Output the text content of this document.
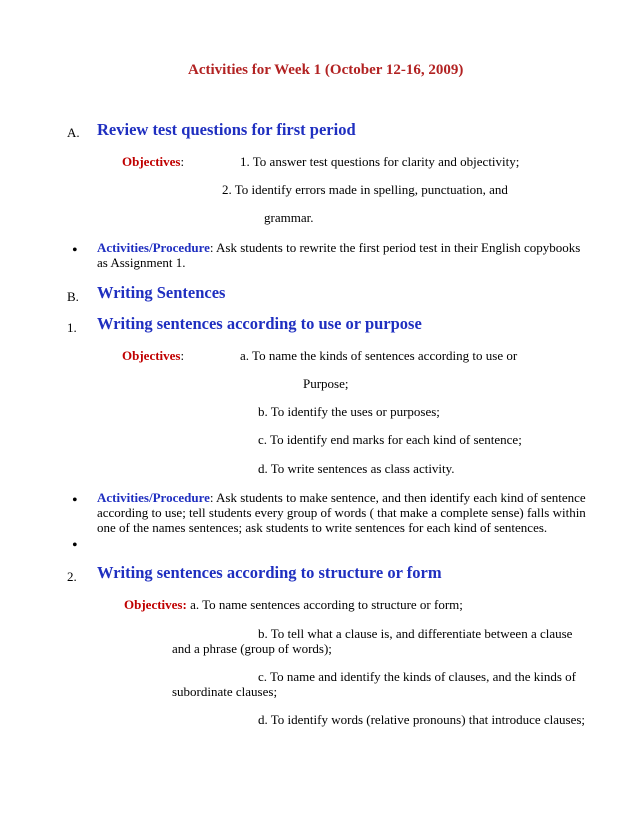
Activities for Week 1 (October 12-16, 2009)
A. Review test questions for first period
Objectives:	1. To answer test questions for clarity and objectivity;
2. To identify errors made in spelling, punctuation, and
grammar.
• Activities/Procedure: Ask students to rewrite the first period test in their English copybooks as Assignment 1.
B. Writing Sentences
1. Writing sentences according to use or purpose
Objectives:	a. To name the kinds of sentences according to use or
Purpose;
b. To identify the uses or purposes;
c. To identify end marks for each kind of sentence;
d. To write sentences as class activity.
• Activities/Procedure: Ask students to make sentence, and then identify each kind of sentence according to use; tell students every group of words ( that make a complete sense) falls within one of the names sentences; ask students to write sentences for each kind of sentences.
•
2. Writing sentences according to structure or form
Objectives: a. To name sentences according to structure or form;
b. To tell what a clause is, and differentiate between a clause
and a phrase (group of words);
c. To name and identify the kinds of clauses, and the kinds of
subordinate clauses;
d. To identify words (relative pronouns) that introduce clauses;
